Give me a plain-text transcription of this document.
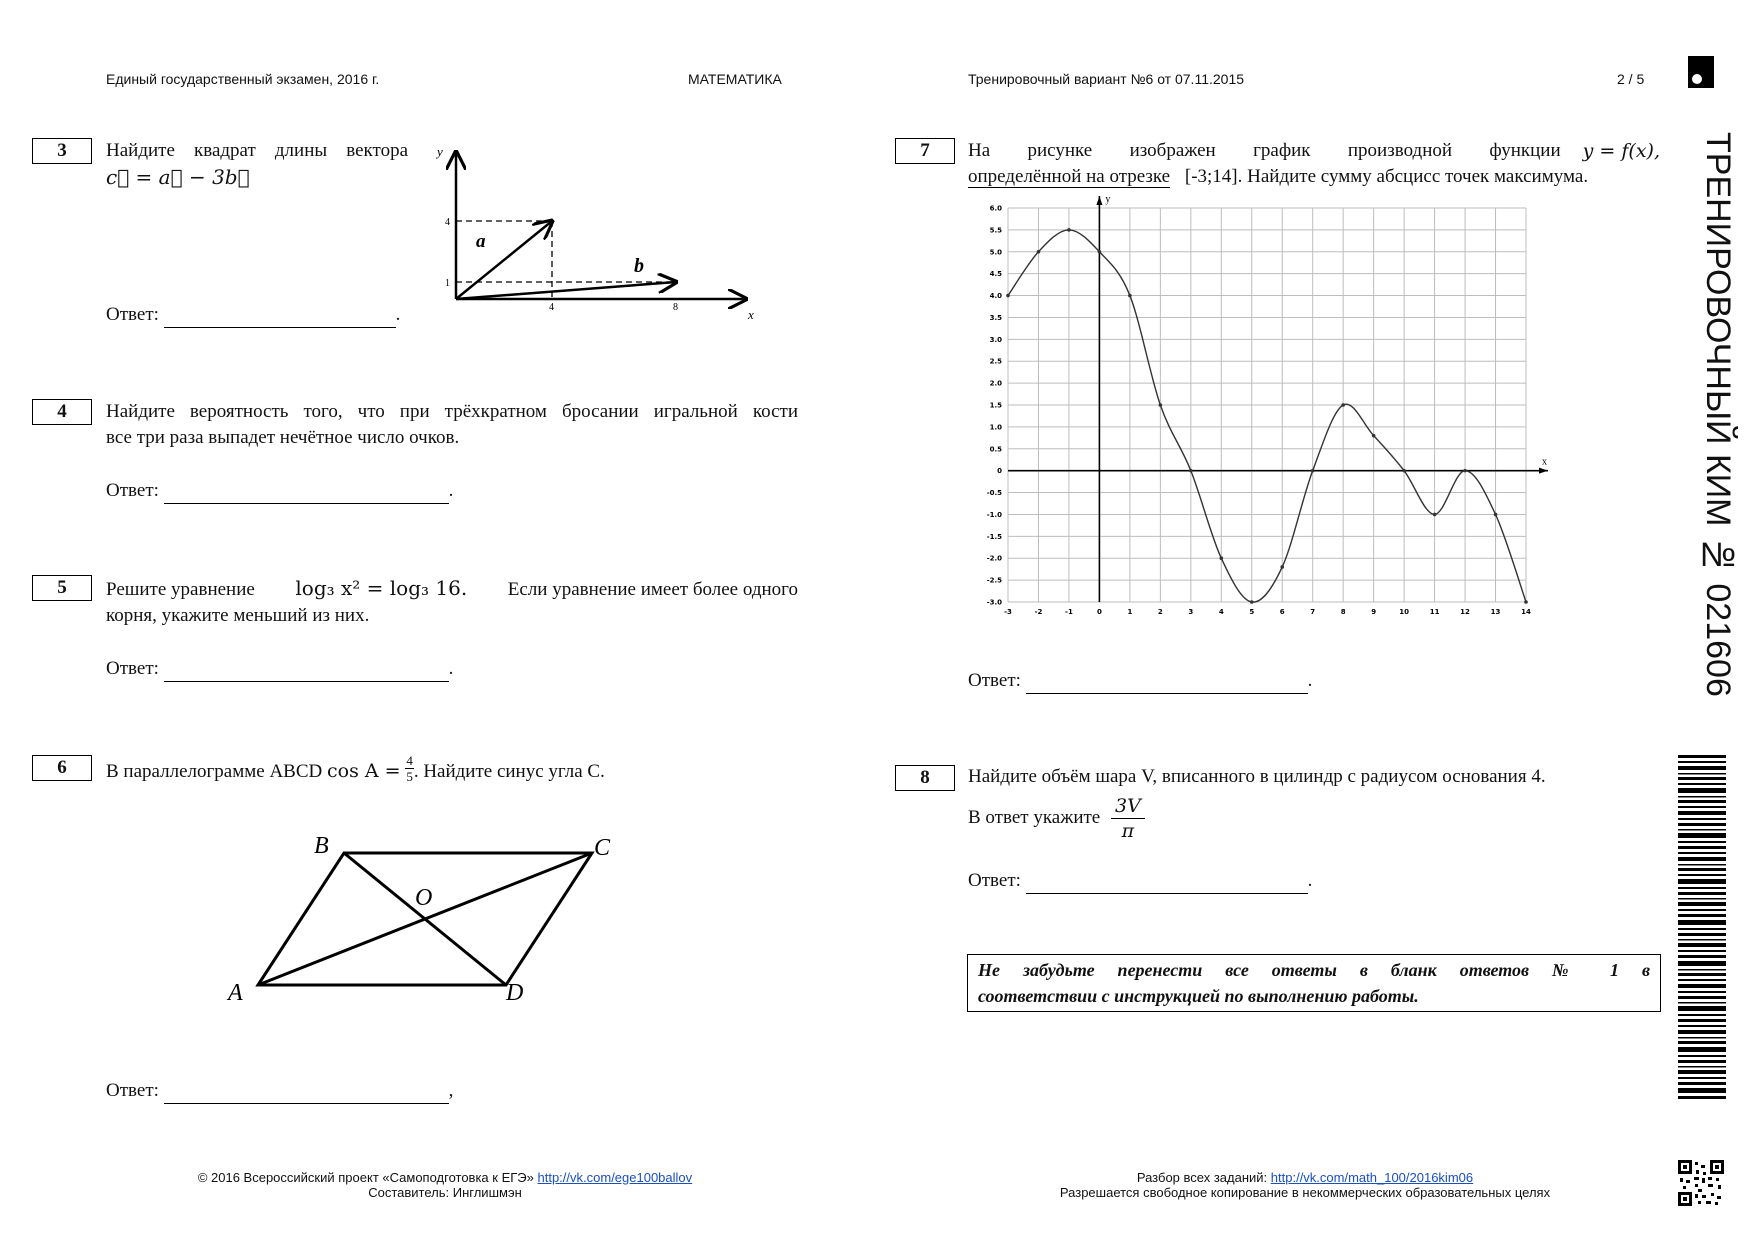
Единый государственный экзамен, 2016 г.	МАТЕМАТИКА	Тренировочный вариант №6 от 07.11.2015	2 / 5
ТРЕНИРОВОЧНЫЙ КИМ № 021606
3	Найдите квадрат длины вектора
c⃗ = a⃗ − 3b⃗
Ответ:	.
y
x
a⃗
b⃗
4
1
4	8
4	Найдите вероятность того, что при трёхкратном бросании игральной кости
все три раза выпадет нечётное число очков.
Ответ:	.
5	Решите уравнение log₃ x² = log₃ 16. Если уравнение имеет более одного
корня, укажите меньший из них.
Ответ:	.
6	В параллелограмме ABCD $\cos A = \frac{4}{5}$ . Найдите синус угла C.
A
B	C
D
O
Ответ:	,
7	На рисунке изображен график производной функции	y = f(x),
определённой на отрезке [-3;14]. Найдите сумму абсцисс точек максимума.
x
y
-3	-2	-1	0	1	2	3	4	5	6	7	8	9	10	11	12	13	14
6.0
5.5
5.0
4.5
4.0
3.5
3.0
2.5
2.0
1.5
1.0
0.5
0
-0.5
-1.0
-1.5
-2.0
-2.5
-3.0
Ответ:	.
8	Найдите объём шара V, вписанного в цилиндр с радиусом основания 4.
В ответ укажите $\frac{3V}{\pi}$
Ответ:	.
Не забудьте перенести все ответы в бланк ответов № 1 в
соответствии с инструкцией по выполнению работы.
© 2016 Всероссийский проект «Самоподготовка к ЕГЭ» http://vk.com/ege100ballov
Составитель: Инглишмэн
Разбор всех заданий: http://vk.com/math_100/2016kim06
Разрешается свободное копирование в некоммерческих образовательных целях
